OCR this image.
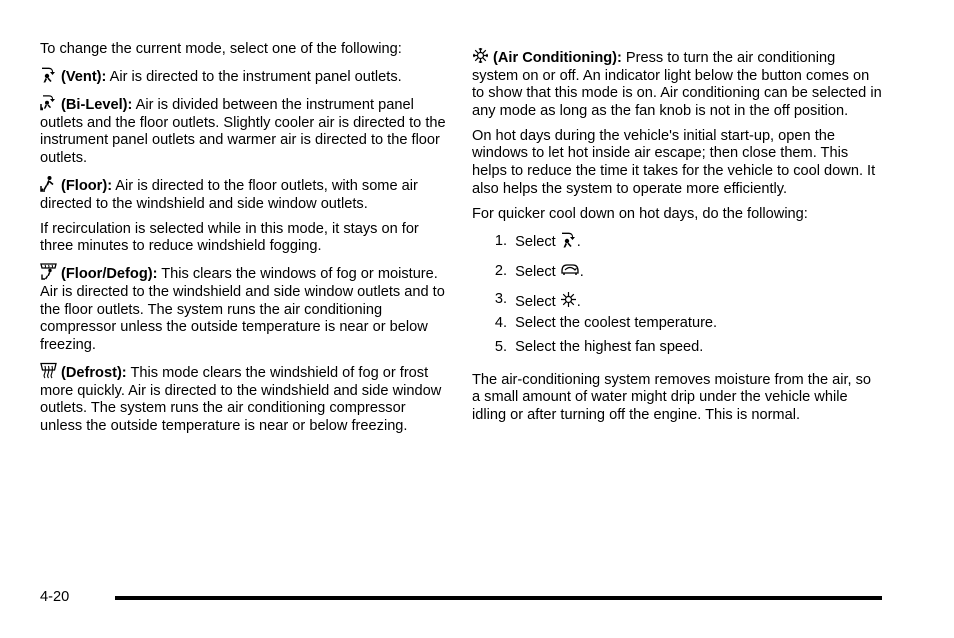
To change the current mode, select one of the following:

(Vent): Air is directed to the instrument panel outlets.

(Bi-Level): Air is divided between the instrument panel outlets and the floor outlets. Slightly cooler air is directed to the instrument panel outlets and warmer air is directed to the floor outlets.

(Floor): Air is directed to the floor outlets, with some air directed to the windshield and side window outlets.

If recirculation is selected while in this mode, it stays on for three minutes to reduce windshield fogging.

(Floor/Defog): This clears the windows of fog or moisture. Air is directed to the windshield and side window outlets and to the floor outlets. The system runs the air conditioning compressor unless the outside temperature is near or below freezing.

(Defrost): This mode clears the windshield of fog or frost more quickly. Air is directed to the windshield and side window outlets. The system runs the air conditioning compressor unless the outside temperature is near or below freezing.

(Air Conditioning): Press to turn the air conditioning system on or off. An indicator light below the button comes on to show that this mode is on. Air conditioning can be selected in any mode as long as the fan knob is not in the off position.

On hot days during the vehicle's initial start-up, open the windows to let hot inside air escape; then close them. This helps to reduce the time it takes for the vehicle to cool down. It also helps the system to operate more efficiently.

For quicker cool down on hot days, do the following:

1. Select
.
2. Select
.
3. Select
.
4. Select the coolest temperature.
5. Select the highest fan speed.

The air-conditioning system removes moisture from the air, so a small amount of water might drip under the vehicle while idling or after turning off the engine. This is normal.

4-20
